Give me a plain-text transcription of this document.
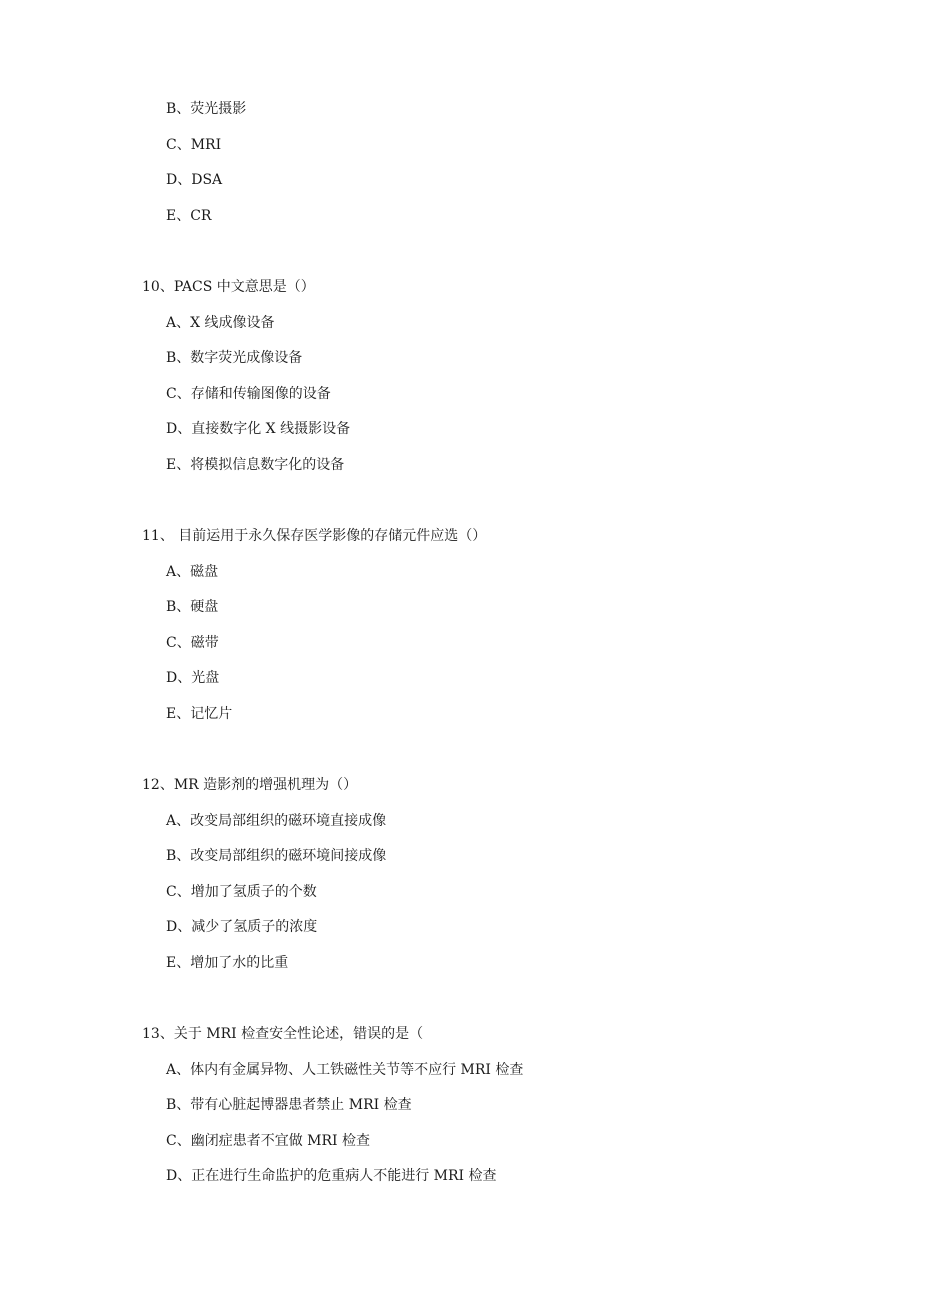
B、荧光摄影
C、MRI
D、DSA
E、CR
10、PACS 中文意思是（）
A、X 线成像设备
B、数字荧光成像设备
C、存储和传输图像的设备
D、直接数字化 X 线摄影设备
E、将模拟信息数字化的设备
11、 目前运用于永久保存医学影像的存储元件应选（）
A、磁盘
B、硬盘
C、磁带
D、光盘
E、记忆片
12、MR 造影剂的增强机理为（）
A、改变局部组织的磁环境直接成像
B、改变局部组织的磁环境间接成像
C、增加了氢质子的个数
D、减少了氢质子的浓度
E、增加了水的比重
13、关于 MRI 检查安全性论述，错误的是（
A、体内有金属异物、人工铁磁性关节等不应行 MRI 检查
B、带有心脏起博器患者禁止 MRI 检查
C、幽闭症患者不宜做 MRI 检查
D、正在进行生命监护的危重病人不能进行 MRI 检查
